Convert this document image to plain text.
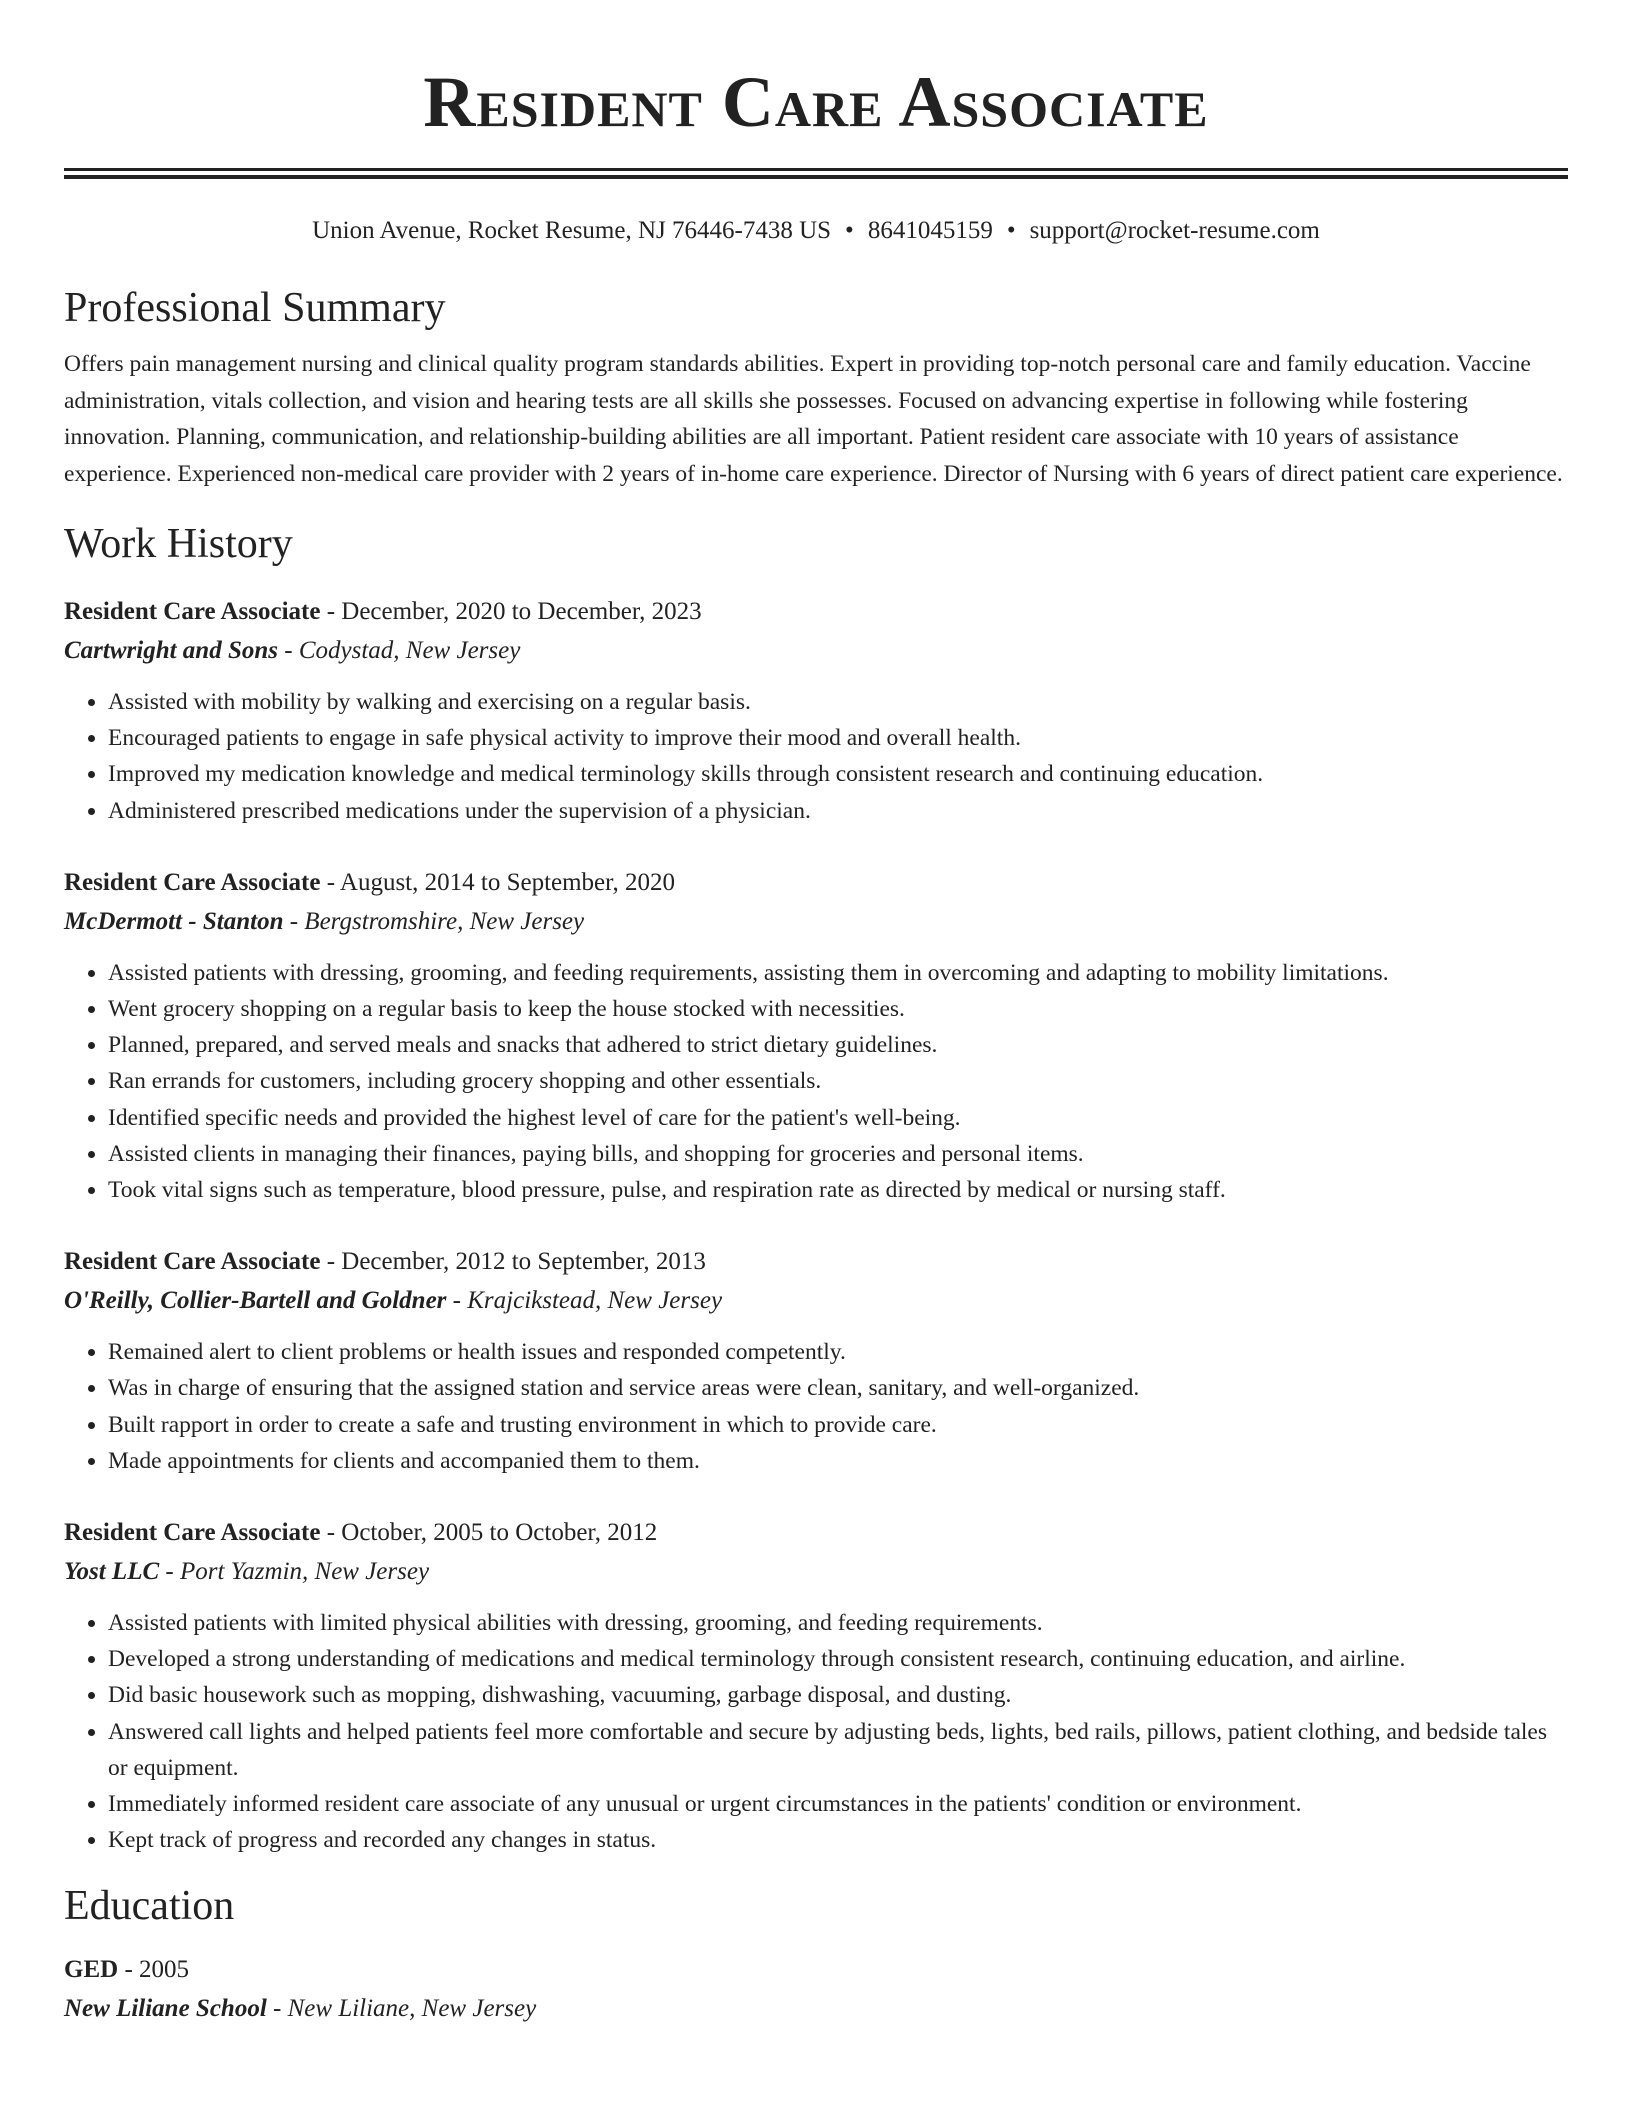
Resident Care Associate
Union Avenue, Rocket Resume, NJ 76446-7438 US • 8641045159 • support@rocket-resume.com
Professional Summary

Offers pain management nursing and clinical quality program standards abilities. Expert in providing top-notch personal care and family education. Vaccine administration, vitals collection, and vision and hearing tests are all skills she possesses. Focused on advancing expertise in following while fostering innovation. Planning, communication, and relationship-building abilities are all important. Patient resident care associate with 10 years of assistance experience. Experienced non-medical care provider with 2 years of in-home care experience. Director of Nursing with 6 years of direct patient care experience.

Work History
Resident Care Associate - December, 2020 to December, 2023
Cartwright and Sons - Codystad, New Jersey
• Assisted with mobility by walking and exercising on a regular basis.
• Encouraged patients to engage in safe physical activity to improve their mood and overall health.
• Improved my medication knowledge and medical terminology skills through consistent research and continuing education.
• Administered prescribed medications under the supervision of a physician.
Resident Care Associate - August, 2014 to September, 2020
McDermott - Stanton - Bergstromshire, New Jersey
• Assisted patients with dressing, grooming, and feeding requirements, assisting them in overcoming and adapting to mobility limitations.
• Went grocery shopping on a regular basis to keep the house stocked with necessities.
• Planned, prepared, and served meals and snacks that adhered to strict dietary guidelines.
• Ran errands for customers, including grocery shopping and other essentials.
• Identified specific needs and provided the highest level of care for the patient's well-being.
• Assisted clients in managing their finances, paying bills, and shopping for groceries and personal items.
• Took vital signs such as temperature, blood pressure, pulse, and respiration rate as directed by medical or nursing staff.
Resident Care Associate - December, 2012 to September, 2013
O'Reilly, Collier-Bartell and Goldner - Krajcikstead, New Jersey
• Remained alert to client problems or health issues and responded competently.
• Was in charge of ensuring that the assigned station and service areas were clean, sanitary, and well-organized.
• Built rapport in order to create a safe and trusting environment in which to provide care.
• Made appointments for clients and accompanied them to them.
Resident Care Associate - October, 2005 to October, 2012
Yost LLC - Port Yazmin, New Jersey
• Assisted patients with limited physical abilities with dressing, grooming, and feeding requirements.
• Developed a strong understanding of medications and medical terminology through consistent research, continuing education, and airline.
• Did basic housework such as mopping, dishwashing, vacuuming, garbage disposal, and dusting.
• Answered call lights and helped patients feel more comfortable and secure by adjusting beds, lights, bed rails, pillows, patient clothing, and bedside tales or equipment.
• Immediately informed resident care associate of any unusual or urgent circumstances in the patients' condition or environment.
• Kept track of progress and recorded any changes in status.
Education
GED - 2005
New Liliane School - New Liliane, New Jersey
